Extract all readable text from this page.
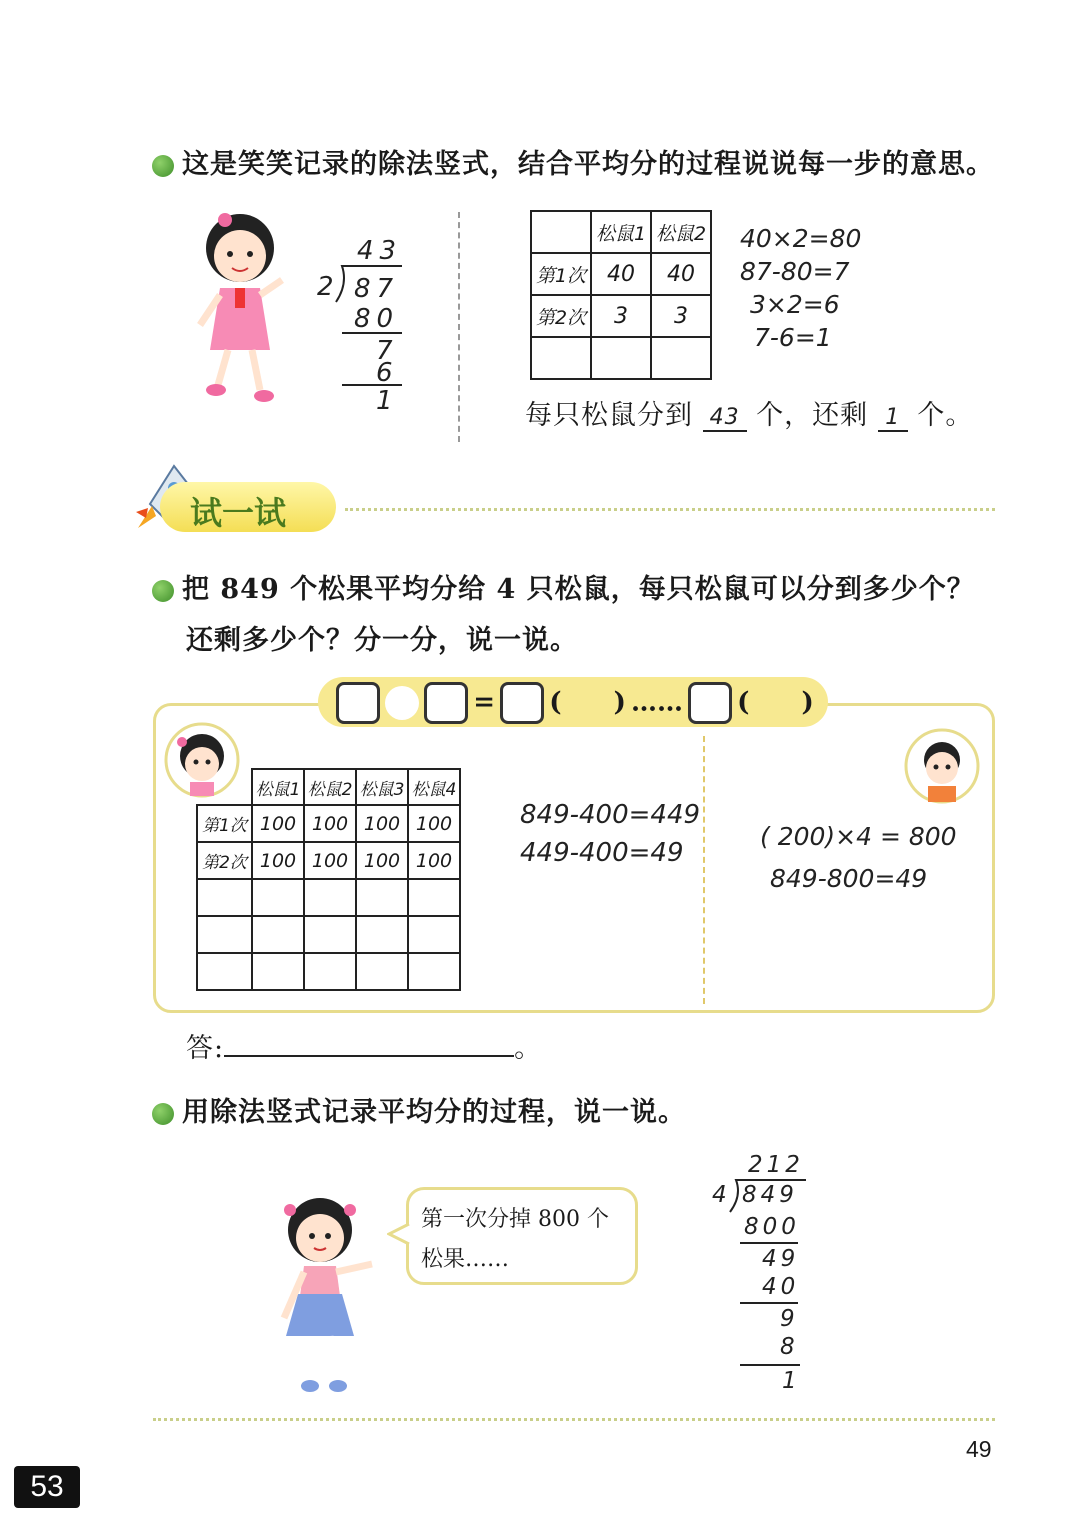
这是笑笑记录的除法竖式，结合平均分的过程说说每一步的意思。
43
2 87
80
7
6
1
	松鼠1	松鼠2
第1次	40	40
第2次	3	3

40×2=80
87-80=7
3×2=6
7-6=1
每只松鼠分到 43 个，还剩 1 个。
试一试
把 849 个松果平均分给 4 只松鼠，每只松鼠可以分到多少个？
还剩多少个？分一分，说一说。
= (　　) …… (　　)
	松鼠1	松鼠2	松鼠3	松鼠4
第1次	100	100	100	100
第2次	100	100	100	100

849-400=449
449-400=49
( 200)×4 = 800
849-800=49
答:	。
用除法竖式记录平均分的过程，说一说。
第一次分掉 800 个
松果……
212
4 849
800
49
40
9
8
1
49
53
